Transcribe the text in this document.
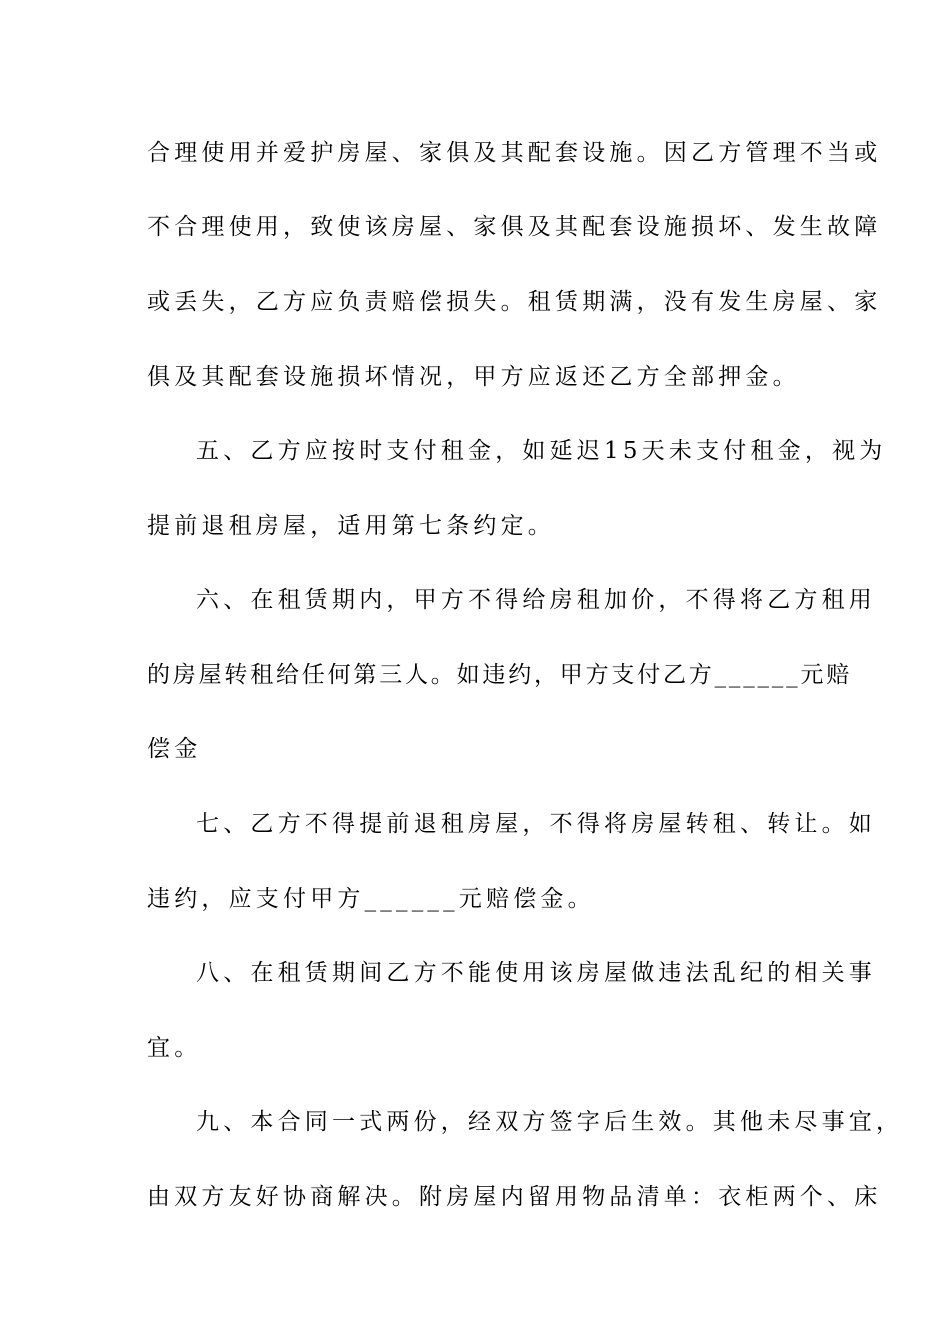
合理使用并爱护房屋、家俱及其配套设施。因乙方管理不当或
不合理使用，致使该房屋、家俱及其配套设施损坏、发生故障
或丢失，乙方应负责赔偿损失。租赁期满，没有发生房屋、家
俱及其配套设施损坏情况，甲方应返还乙方全部押金。
五、乙方应按时支付租金，如延迟15天未支付租金，视为
提前退租房屋，适用第七条约定。
六、在租赁期内，甲方不得给房租加价，不得将乙方租用
的房屋转租给任何第三人。如违约，甲方支付乙方______元赔
偿金
七、乙方不得提前退租房屋，不得将房屋转租、转让。如
违约，应支付甲方______元赔偿金。
八、在租赁期间乙方不能使用该房屋做违法乱纪的相关事
宜。
九、本合同一式两份，经双方签字后生效。其他未尽事宜，
由双方友好协商解决。附房屋内留用物品清单：衣柜两个、床
